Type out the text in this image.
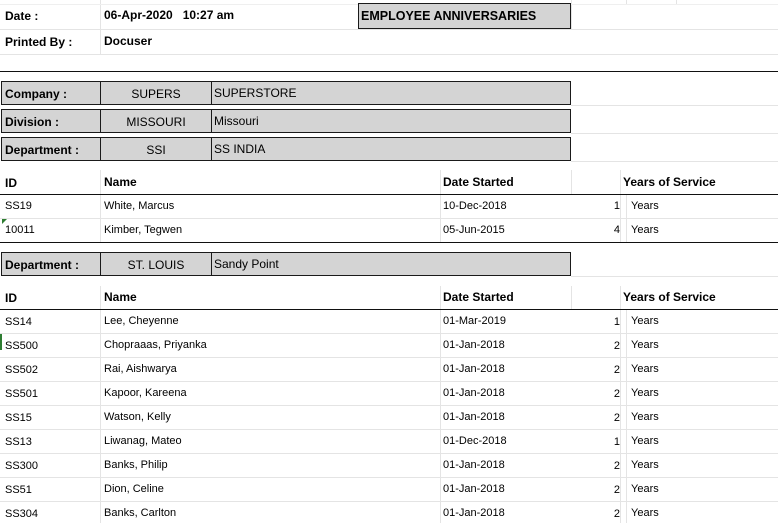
Date :	06-Apr-2020   10:27 am	EMPLOYEE ANNIVERSARIES
Printed By :	Docuser
Company :	SUPERS	SUPERSTORE
Division :	MISSOURI	Missouri
Department :	SSI	SS INDIA
ID	Name	Date Started	Years of Service
SS19	White, Marcus	10-Dec-2018	1 Years
10011	Kimber, Tegwen	05-Jun-2015	4 Years
Department :	ST. LOUIS	Sandy Point
ID	Name	Date Started	Years of Service
SS14	Lee, Cheyenne	01-Mar-2019	1 Years
SS500	Chopraaas, Priyanka	01-Jan-2018	2 Years
SS502	Rai, Aishwarya	01-Jan-2018	2 Years
SS501	Kapoor, Kareena	01-Jan-2018	2 Years
SS15	Watson, Kelly	01-Jan-2018	2 Years
SS13	Liwanag, Mateo	01-Dec-2018	1 Years
SS300	Banks, Philip	01-Jan-2018	2 Years
SS51	Dion, Celine	01-Jan-2018	2 Years
SS304	Banks, Carlton	01-Jan-2018	2 Years
